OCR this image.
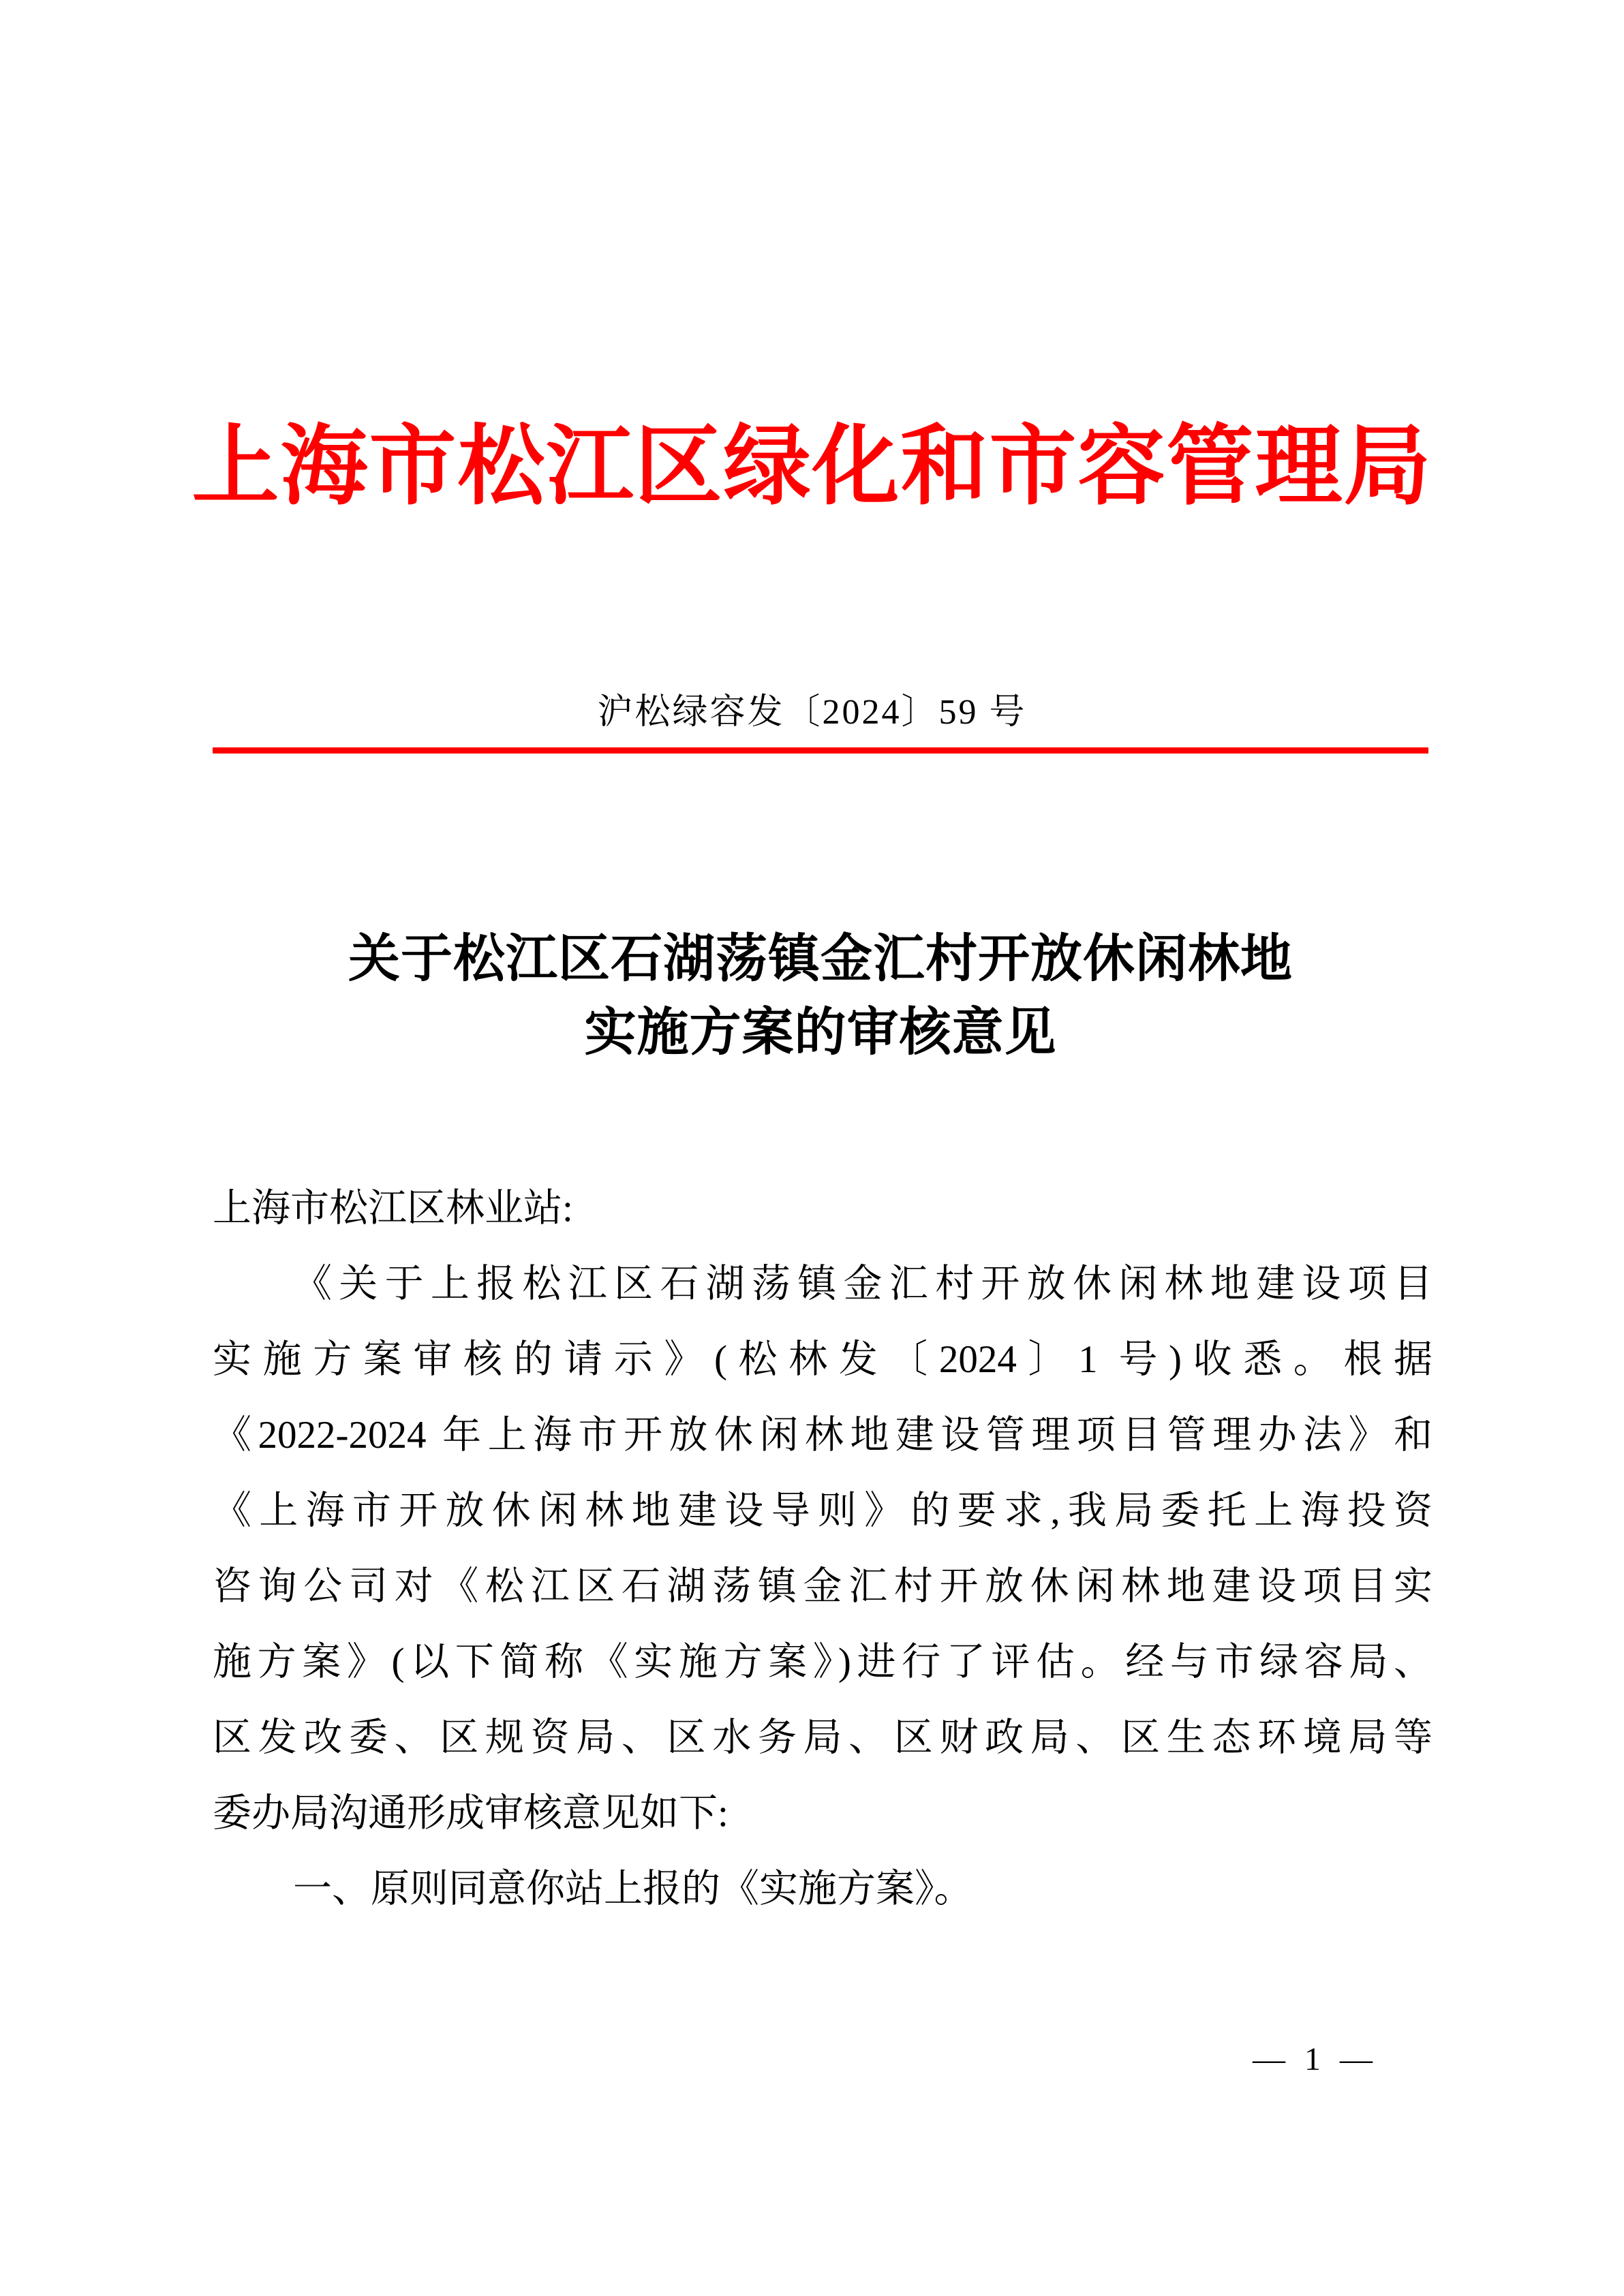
上海市松江区绿化和市容管理局
沪松绿容发〔2024〕59 号
关于松江区石湖荡镇金汇村开放休闲林地
实施方案的审核意见
上海市松江区林业站:
《关于上报松江区石湖荡镇金汇村开放休闲林地建设项目
实施方案审核的请示》(松林发〔2024〕1 号)收悉。根据
《2022-2024 年上海市开放休闲林地建设管理项目管理办法》和
《上海市开放休闲林地建设导则》的要求,我局委托上海投资
咨询公司对《松江区石湖荡镇金汇村开放休闲林地建设项目实
施方案》(以下简称《实施方案》)进行了评估。经与市绿容局、
区发改委、区规资局、区水务局、区财政局、区生态环境局等
委办局沟通形成审核意见如下:
一、原则同意你站上报的《实施方案》。
— 1 —
